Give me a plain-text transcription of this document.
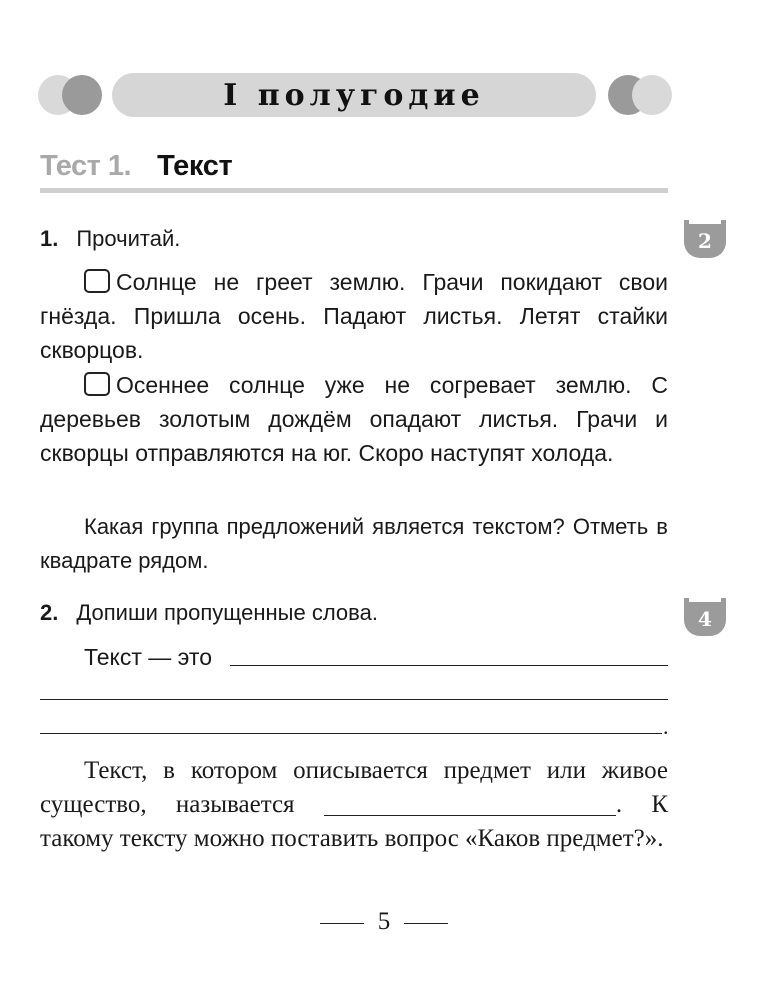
I полугодие
Тест 1. Текст
1. Прочитай.	2
Солнце не греет землю. Грачи покидают свои гнёзда. Пришла осень. Падают листья. Летят стайки скворцов.
Осеннее солнце уже не согревает землю. С деревьев золотым дождём опадают листья. Грачи и скворцы отправляются на юг. Скоро наступят холода.
Какая группа предложений является текстом? Отметь в квадрате рядом.
2. Допиши пропущенные слова.	4
Текст — это
.
Текст, в котором описывается предмет или живое существо, называется	. К такому тексту можно поставить вопрос «Каков предмет?».
5
